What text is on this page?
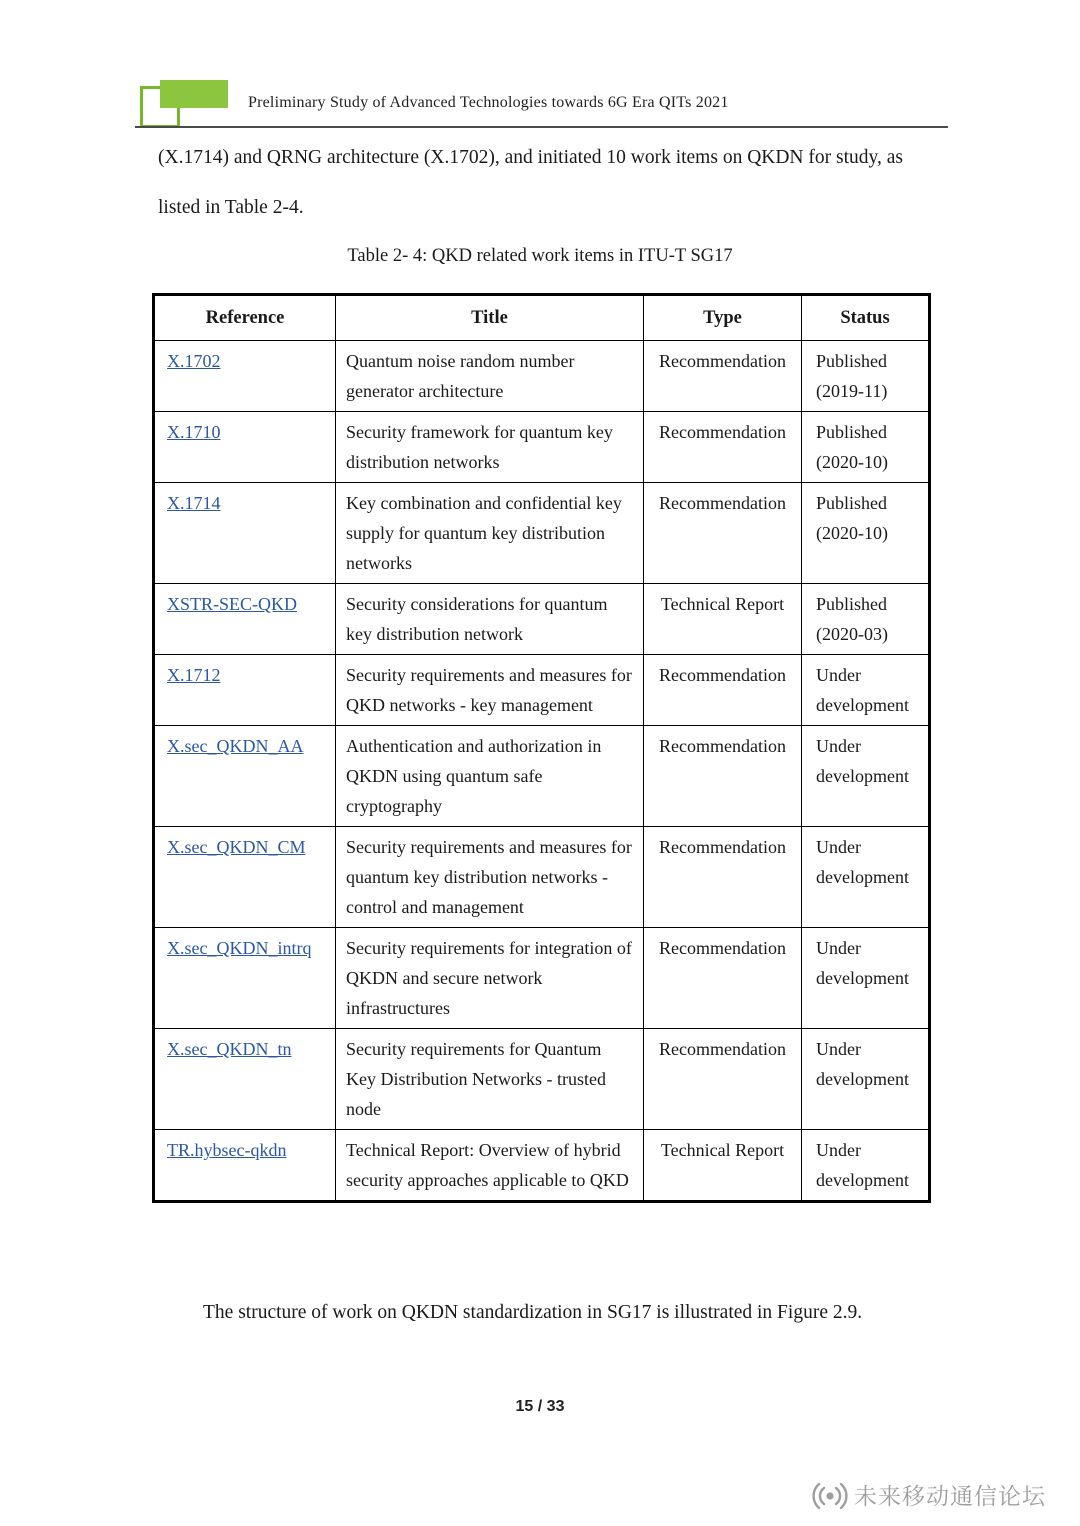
Preliminary Study of Advanced Technologies towards 6G Era QITs 2021
(X.1714) and QRNG architecture (X.1702), and initiated 10 work items on QKDN for study, as
listed in Table 2-4.
Table 2- 4: QKD related work items in ITU-T SG17
Reference	Title	Type	Status
X.1702	Quantum noise random number generator architecture	Recommendation	Published (2019-11)
X.1710	Security framework for quantum key distribution networks	Recommendation	Published (2020-10)
X.1714	Key combination and confidential key supply for quantum key distribution networks	Recommendation	Published (2020-10)
XSTR-SEC-QKD	Security considerations for quantum key distribution network	Technical Report	Published (2020-03)
X.1712	Security requirements and measures for QKD networks - key management	Recommendation	Under development
X.sec_QKDN_AA	Authentication and authorization in QKDN using quantum safe cryptography	Recommendation	Under development
X.sec_QKDN_CM	Security requirements and measures for quantum key distribution networks - control and management	Recommendation	Under development
X.sec_QKDN_intrq	Security requirements for integration of QKDN and secure network infrastructures	Recommendation	Under development
X.sec_QKDN_tn	Security requirements for Quantum Key Distribution Networks - trusted node	Recommendation	Under development
TR.hybsec-qkdn	Technical Report: Overview of hybrid security approaches applicable to QKD	Technical Report	Under development
The structure of work on QKDN standardization in SG17 is illustrated in Figure 2.9.
15 / 33
未来移动通信论坛
